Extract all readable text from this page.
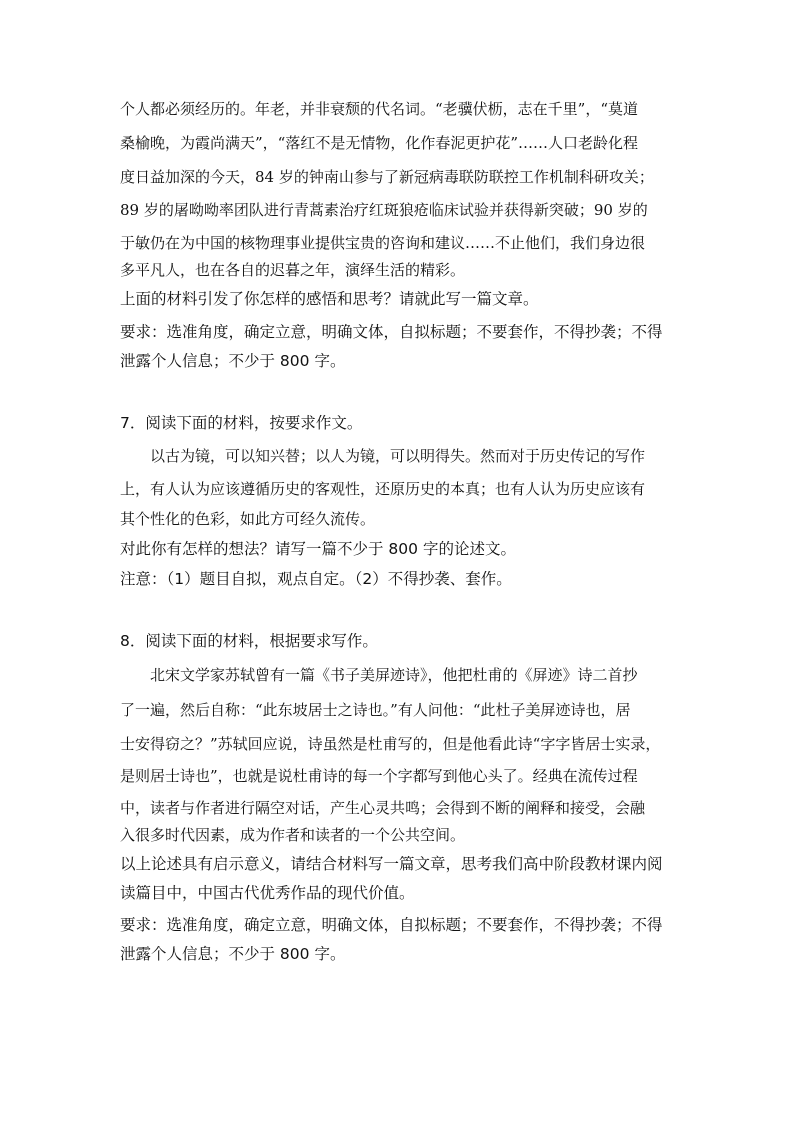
个人都必须经历的。年老，并非衰颓的代名词。“老骥伏枥，志在千里”，“莫道
桑榆晚，为霞尚满天”，“落红不是无情物，化作春泥更护花”……人口老龄化程
度日益加深的今天，84 岁的钟南山参与了新冠病毒联防联控工作机制科研攻关；
89 岁的屠呦呦率团队进行青蒿素治疗红斑狼疮临床试验并获得新突破；90 岁的
于敏仍在为中国的核物理事业提供宝贵的咨询和建议……不止他们，我们身边很
多平凡人，也在各自的迟暮之年，演绎生活的精彩。
上面的材料引发了你怎样的感悟和思考？请就此写一篇文章。
要求：选准角度，确定立意，明确文体，自拟标题；不要套作，不得抄袭；不得
泄露个人信息；不少于 800 字。
7．阅读下面的材料，按要求作文。
以古为镜，可以知兴替；以人为镜，可以明得失。然而对于历史传记的写作
上，有人认为应该遵循历史的客观性，还原历史的本真；也有人认为历史应该有
其个性化的色彩，如此方可经久流传。
对此你有怎样的想法？请写一篇不少于 800 字的论述文。
注意：（1）题目自拟，观点自定。（2）不得抄袭、套作。
8．阅读下面的材料，根据要求写作。
北宋文学家苏轼曾有一篇《书子美屏迹诗》，他把杜甫的《屏迹》诗二首抄
了一遍，然后自称：“此东坡居士之诗也。”有人问他：“此杜子美屏迹诗也，居
士安得窃之？”苏轼回应说，诗虽然是杜甫写的，但是他看此诗“字字皆居士实录，
是则居士诗也”，也就是说杜甫诗的每一个字都写到他心头了。经典在流传过程
中，读者与作者进行隔空对话，产生心灵共鸣；会得到不断的阐释和接受，会融
入很多时代因素，成为作者和读者的一个公共空间。
以上论述具有启示意义，请结合材料写一篇文章，思考我们高中阶段教材课内阅
读篇目中，中国古代优秀作品的现代价值。
要求：选准角度，确定立意，明确文体，自拟标题；不要套作，不得抄袭；不得
泄露个人信息；不少于 800 字。
